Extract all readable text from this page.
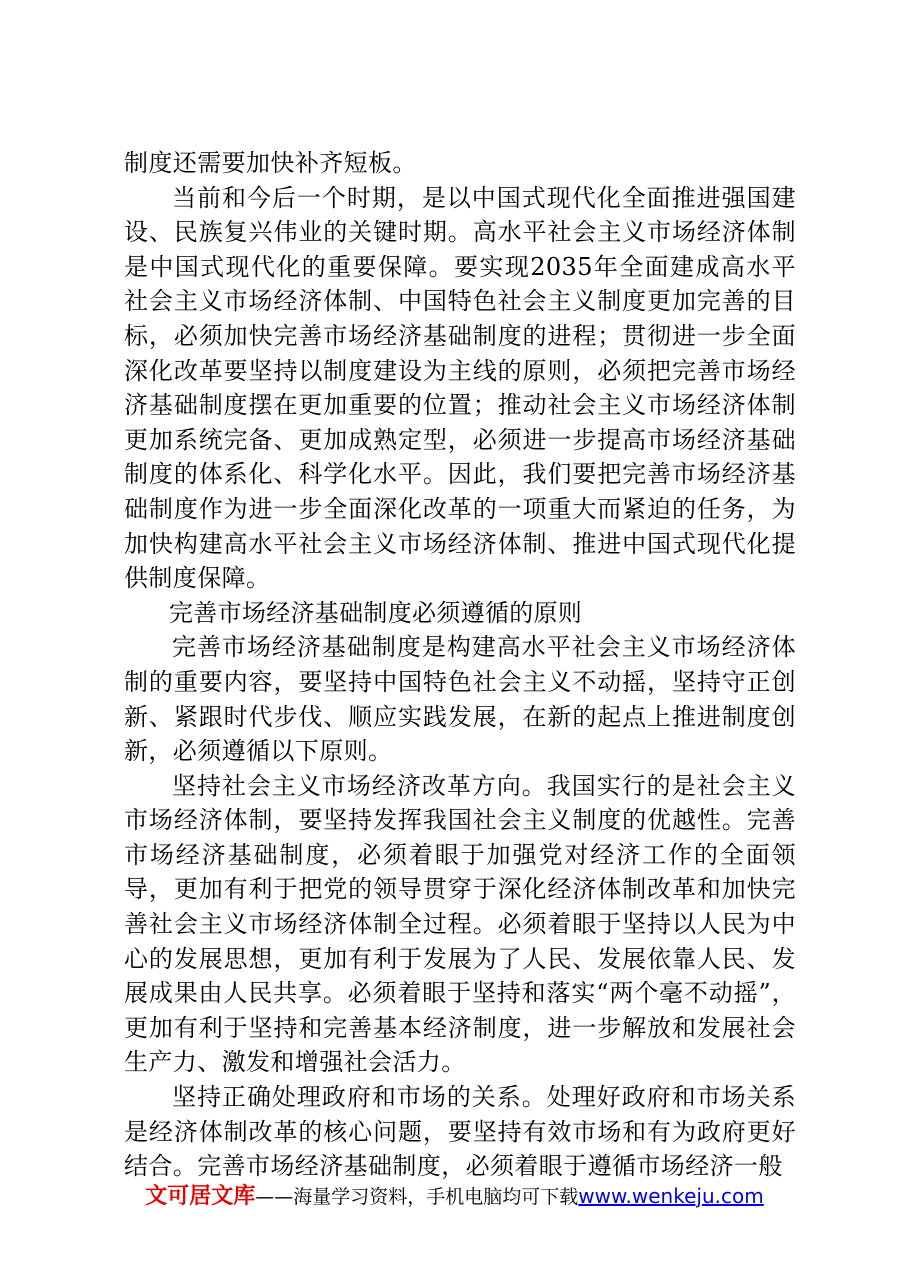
制度还需要加快补齐短板。

当前和今后一个时期，是以中国式现代化全面推进强国建设、民族复兴伟业的关键时期。高水平社会主义市场经济体制是中国式现代化的重要保障。要实现2035年全面建成高水平社会主义市场经济体制、中国特色社会主义制度更加完善的目标，必须加快完善市场经济基础制度的进程；贯彻进一步全面深化改革要坚持以制度建设为主线的原则，必须把完善市场经济基础制度摆在更加重要的位置；推动社会主义市场经济体制更加系统完备、更加成熟定型，必须进一步提高市场经济基础制度的体系化、科学化水平。因此，我们要把完善市场经济基础制度作为进一步全面深化改革的一项重大而紧迫的任务，为加快构建高水平社会主义市场经济体制、推进中国式现代化提供制度保障。

完善市场经济基础制度必须遵循的原则

完善市场经济基础制度是构建高水平社会主义市场经济体制的重要内容，要坚持中国特色社会主义不动摇，坚持守正创新、紧跟时代步伐、顺应实践发展，在新的起点上推进制度创新，必须遵循以下原则。

坚持社会主义市场经济改革方向。我国实行的是社会主义市场经济体制，要坚持发挥我国社会主义制度的优越性。完善市场经济基础制度，必须着眼于加强党对经济工作的全面领导，更加有利于把党的领导贯穿于深化经济体制改革和加快完善社会主义市场经济体制全过程。必须着眼于坚持以人民为中心的发展思想，更加有利于发展为了人民、发展依靠人民、发展成果由人民共享。必须着眼于坚持和落实“两个毫不动摇”，更加有利于坚持和完善基本经济制度，进一步解放和发展社会生产力、激发和增强社会活力。

坚持正确处理政府和市场的关系。处理好政府和市场关系是经济体制改革的核心问题，要坚持有效市场和有为政府更好结合。完善市场经济基础制度，必须着眼于遵循市场经济一般

文可居文库——海量学习资料，手机电脑均可下载www.wenkeju.com
